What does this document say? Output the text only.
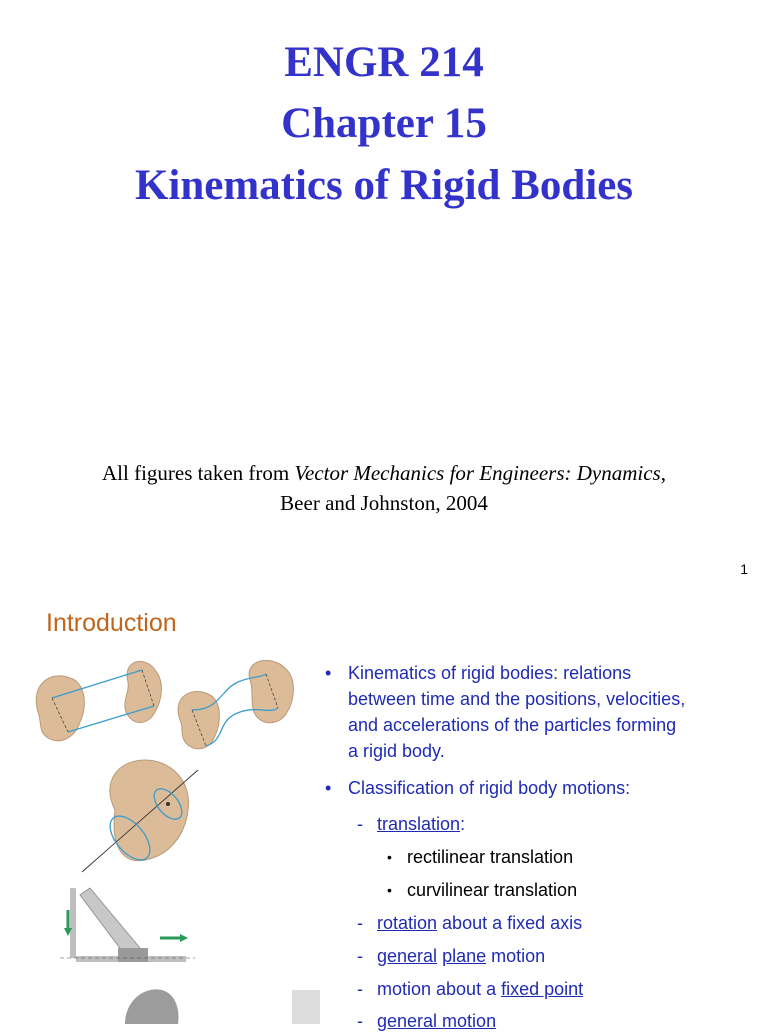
ENGR 214
Chapter 15
Kinematics of Rigid Bodies
All figures taken from Vector Mechanics for Engineers: Dynamics,
Beer and Johnston, 2004
1
Introduction
• Kinematics of rigid bodies: relations
between time and the positions, velocities,
and accelerations of the particles forming
a rigid body.
• Classification of rigid body motions:
- translation:
• rectilinear translation
• curvilinear translation
- rotation about a fixed axis
- general plane motion
- motion about a fixed point
- general motion
